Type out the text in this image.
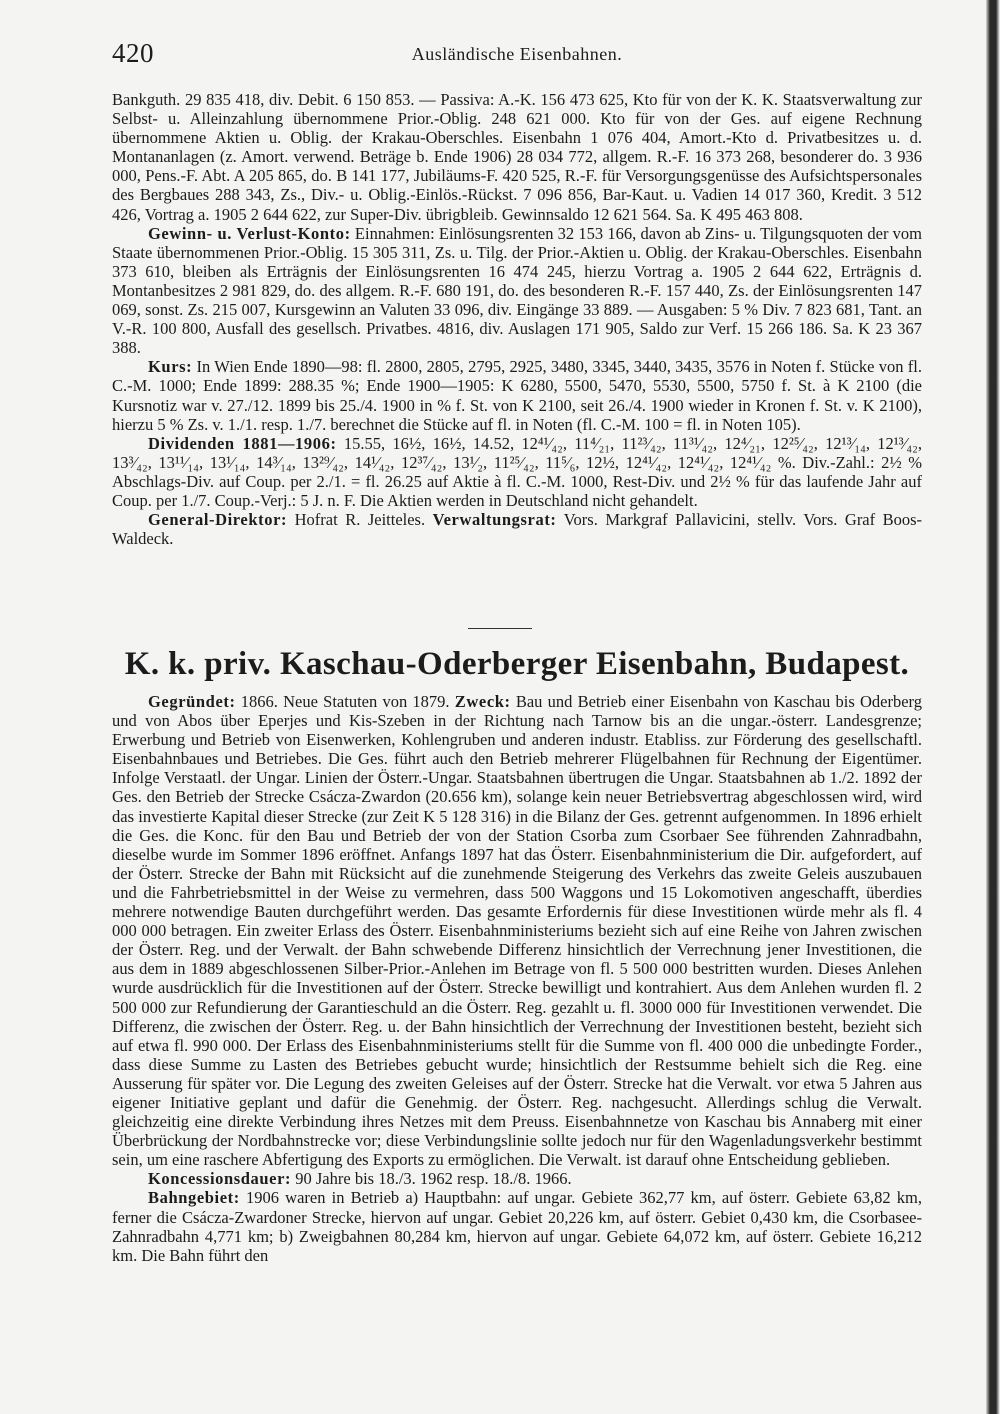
420	Ausländische Eisenbahnen.

Bankguth. 29 835 418, div. Debit. 6 150 853. — Passiva: A.-K. 156 473 625, Kto für von der K. K. Staatsverwaltung zur Selbst- u. Alleinzahlung übernommene Prior.-Oblig. 248 621 000. Kto für von der Ges. auf eigene Rechnung übernommene Aktien u. Oblig. der Krakau-Oberschles. Eisenbahn 1 076 404, Amort.-Kto d. Privatbesitzes u. d. Montananlagen (z. Amort. verwend. Beträge b. Ende 1906) 28 034 772, allgem. R.-F. 16 373 268, besonderer do. 3 936 000, Pens.-F. Abt. A 205 865, do. B 141 177, Jubiläums-F. 420 525, R.-F. für Versorgungsgenüsse des Aufsichtspersonales des Bergbaues 288 343, Zs., Div.- u. Oblig.-Einlös.-Rückst. 7 096 856, Bar-Kaut. u. Vadien 14 017 360, Kredit. 3 512 426, Vortrag a. 1905 2 644 622, zur Super-Div. übrigbleib. Gewinnsaldo 12 621 564. Sa. K 495 463 808.

Gewinn- u. Verlust-Konto: Einnahmen: Einlösungsrenten 32 153 166, davon ab Zins- u. Tilgungsquoten der vom Staate übernommenen Prior.-Oblig. 15 305 311, Zs. u. Tilg. der Prior.-Aktien u. Oblig. der Krakau-Oberschles. Eisenbahn 373 610, bleiben als Erträgnis der Einlösungsrenten 16 474 245, hierzu Vortrag a. 1905 2 644 622, Erträgnis d. Montanbesitzes 2 981 829, do. des allgem. R.-F. 680 191, do. des besonderen R.-F. 157 440, Zs. der Einlösungsrenten 147 069, sonst. Zs. 215 007, Kursgewinn an Valuten 33 096, div. Eingänge 33 889. — Ausgaben: 5 % Div. 7 823 681, Tant. an V.-R. 100 800, Ausfall des gesellsch. Privatbes. 4816, div. Auslagen 171 905, Saldo zur Verf. 15 266 186. Sa. K 23 367 388.

Kurs: In Wien Ende 1890—98: fl. 2800, 2805, 2795, 2925, 3480, 3345, 3440, 3435, 3576 in Noten f. Stücke von fl. C.-M. 1000; Ende 1899: 288.35 %; Ende 1900—1905: K 6280, 5500, 5470, 5530, 5500, 5750 f. St. à K 2100 (die Kursnotiz war v. 27./12. 1899 bis 25./4. 1900 in % f. St. von K 2100, seit 26./4. 1900 wieder in Kronen f. St. v. K 2100), hierzu 5 % Zs. v. 1./1. resp. 1./7. berechnet die Stücke auf fl. in Noten (fl. C.-M. 100 = fl. in Noten 105).

Dividenden 1881—1906: 15.55, 16½, 16½, 14.52, 12⁴¹⁄₄₂, 11⁴⁄₂₁, 11²³⁄₄₂, 11³¹⁄₄₂, 12⁴⁄₂₁, 12²⁵⁄₄₂, 12¹³⁄₁₄, 12¹³⁄₄₂, 13³⁄₄₂, 13¹¹⁄₁₄, 13¹⁄₁₄, 14³⁄₁₄, 13²⁹⁄₄₂, 14¹⁄₄₂, 12³⁷⁄₄₂, 13¹⁄₂, 11²⁵⁄₄₂, 11⁵⁄₆, 12½, 12⁴¹⁄₄₂, 12⁴¹⁄₄₂, 12⁴¹⁄₄₂ %. Div.-Zahl.: 2½ % Abschlags-Div. auf Coup. per 2./1. = fl. 26.25 auf Aktie à fl. C.-M. 1000, Rest-Div. und 2½ % für das laufende Jahr auf Coup. per 1./7. Coup.-Verj.: 5 J. n. F. Die Aktien werden in Deutschland nicht gehandelt.

General-Direktor: Hofrat R. Jeitteles. Verwaltungsrat: Vors. Markgraf Pallavicini, stellv. Vors. Graf Boos-Waldeck.

K. k. priv. Kaschau-Oderberger Eisenbahn, Budapest.

Gegründet: 1866. Neue Statuten von 1879. Zweck: Bau und Betrieb einer Eisenbahn von Kaschau bis Oderberg und von Abos über Eperjes und Kis-Szeben in der Richtung nach Tarnow bis an die ungar.-österr. Landesgrenze; Erwerbung und Betrieb von Eisenwerken, Kohlengruben und anderen industr. Etabliss. zur Förderung des gesellschaftl. Eisenbahnbaues und Betriebes. Die Ges. führt auch den Betrieb mehrerer Flügelbahnen für Rechnung der Eigentümer. Infolge Verstaatl. der Ungar. Linien der Österr.-Ungar. Staatsbahnen übertrugen die Ungar. Staatsbahnen ab 1./2. 1892 der Ges. den Betrieb der Strecke Csácza-Zwardon (20.656 km), solange kein neuer Betriebsvertrag abgeschlossen wird, wird das investierte Kapital dieser Strecke (zur Zeit K 5 128 316) in die Bilanz der Ges. getrennt aufgenommen. In 1896 erhielt die Ges. die Konc. für den Bau und Betrieb der von der Station Csorba zum Csorbaer See führenden Zahnradbahn, dieselbe wurde im Sommer 1896 eröffnet. Anfangs 1897 hat das Österr. Eisenbahnministerium die Dir. aufgefordert, auf der Österr. Strecke der Bahn mit Rücksicht auf die zunehmende Steigerung des Verkehrs das zweite Geleis auszubauen und die Fahrbetriebsmittel in der Weise zu vermehren, dass 500 Waggons und 15 Lokomotiven angeschafft, überdies mehrere notwendige Bauten durchgeführt werden. Das gesamte Erfordernis für diese Investitionen würde mehr als fl. 4 000 000 betragen. Ein zweiter Erlass des Österr. Eisenbahnministeriums bezieht sich auf eine Reihe von Jahren zwischen der Österr. Reg. und der Verwalt. der Bahn schwebende Differenz hinsichtlich der Verrechnung jener Investitionen, die aus dem in 1889 abgeschlossenen Silber-Prior.-Anlehen im Betrage von fl. 5 500 000 bestritten wurden. Dieses Anlehen wurde ausdrücklich für die Investitionen auf der Österr. Strecke bewilligt und kontrahiert. Aus dem Anlehen wurden fl. 2 500 000 zur Refundierung der Garantieschuld an die Österr. Reg. gezahlt u. fl. 3000 000 für Investitionen verwendet. Die Differenz, die zwischen der Österr. Reg. u. der Bahn hinsichtlich der Verrechnung der Investitionen besteht, bezieht sich auf etwa fl. 990 000. Der Erlass des Eisenbahnministeriums stellt für die Summe von fl. 400 000 die unbedingte Forder., dass diese Summe zu Lasten des Betriebes gebucht wurde; hinsichtlich der Restsumme behielt sich die Reg. eine Ausserung für später vor. Die Legung des zweiten Geleises auf der Österr. Strecke hat die Verwalt. vor etwa 5 Jahren aus eigener Initiative geplant und dafür die Genehmig. der Österr. Reg. nachgesucht. Allerdings schlug die Verwalt. gleichzeitig eine direkte Verbindung ihres Netzes mit dem Preuss. Eisenbahnnetze von Kaschau bis Annaberg mit einer Überbrückung der Nordbahnstrecke vor; diese Verbindungslinie sollte jedoch nur für den Wagenladungsverkehr bestimmt sein, um eine raschere Abfertigung des Exports zu ermöglichen. Die Verwalt. ist darauf ohne Entscheidung geblieben.

Koncessionsdauer: 90 Jahre bis 18./3. 1962 resp. 18./8. 1966.

Bahngebiet: 1906 waren in Betrieb a) Hauptbahn: auf ungar. Gebiete 362,77 km, auf österr. Gebiete 63,82 km, ferner die Csácza-Zwardoner Strecke, hiervon auf ungar. Gebiet 20,226 km, auf österr. Gebiet 0,430 km, die Csorbasee-Zahnradbahn 4,771 km; b) Zweigbahnen 80,284 km, hiervon auf ungar. Gebiete 64,072 km, auf österr. Gebiete 16,212 km. Die Bahn führt den
